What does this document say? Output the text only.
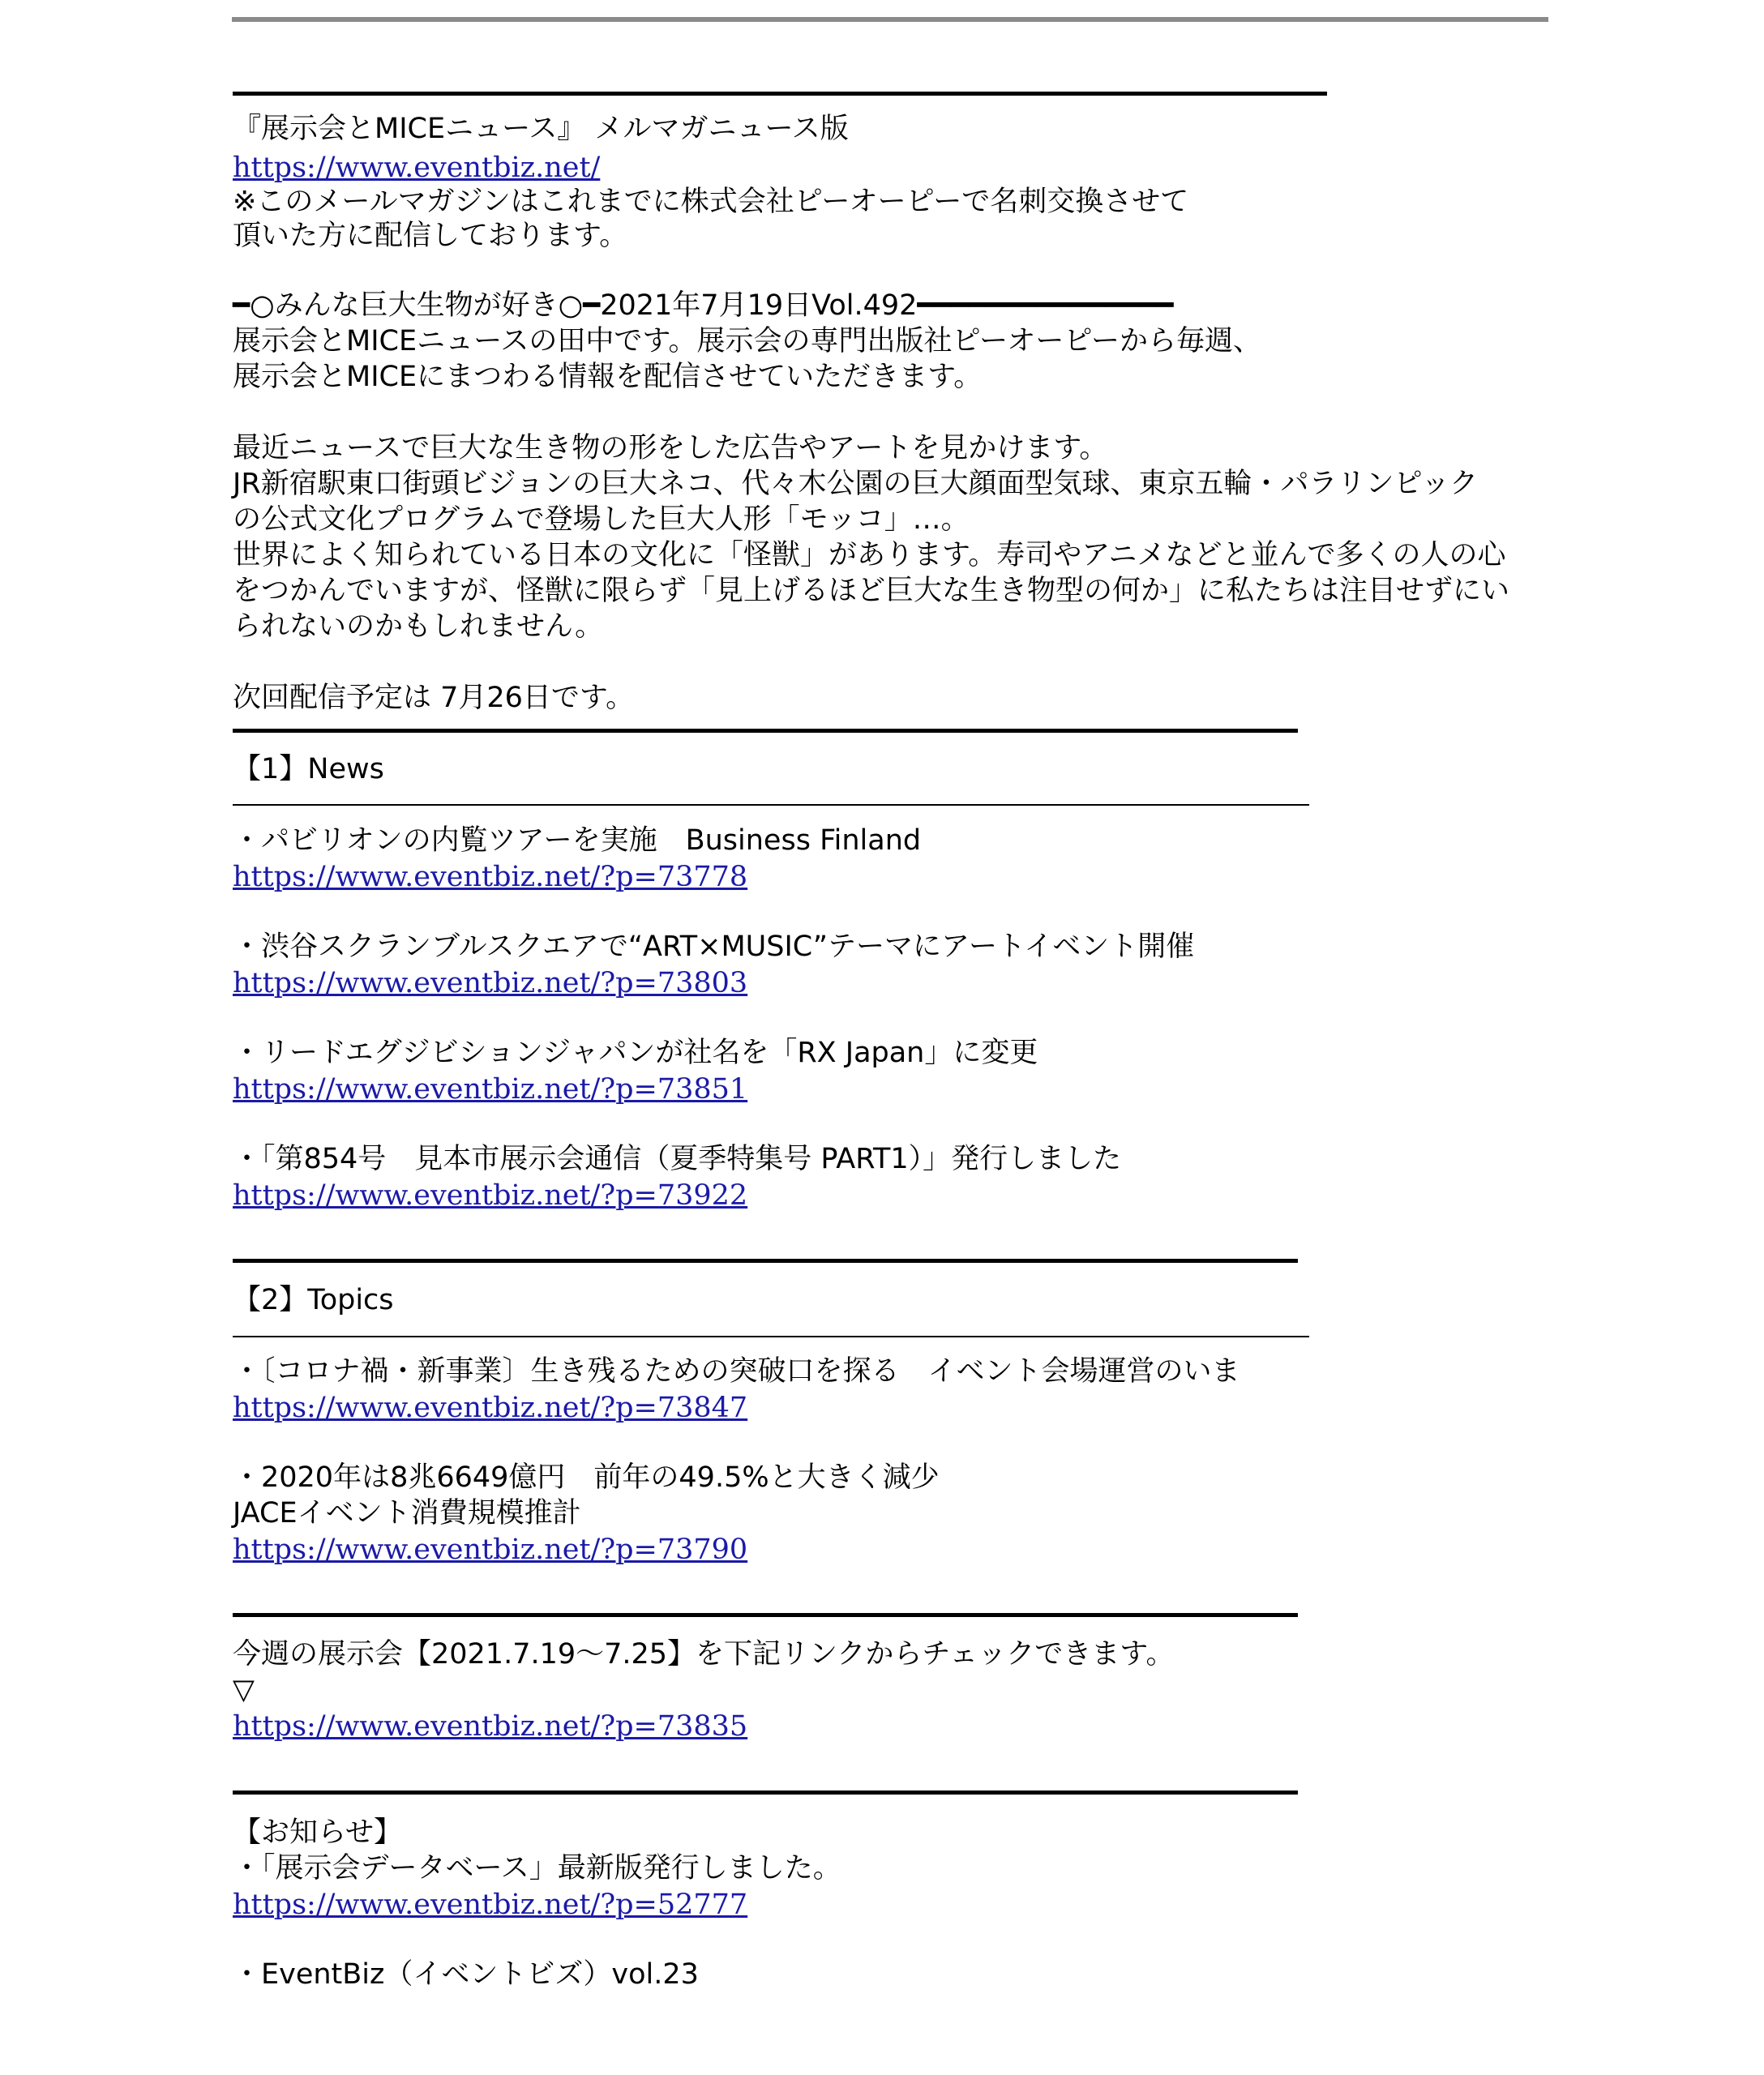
『展示会とMICEニュース』 メルマガニュース版
https://www.eventbiz.net/
※このメールマガジンはこれまでに株式会社ピーオーピーで名刺交換させて
頂いた方に配信しております。
━○みんな巨大生物が好き○━2021年7月19日Vol.492━━━━━━━━━━━━━━━
展示会とMICEニュースの田中です。展示会の専門出版社ピーオーピーから毎週、
展示会とMICEにまつわる情報を配信させていただきます。
最近ニュースで巨大な生き物の形をした広告やアートを見かけます。
JR新宿駅東口街頭ビジョンの巨大ネコ、代々木公園の巨大顔面型気球、東京五輪・パラリンピック
の公式文化プログラムで登場した巨大人形「モッコ」…。
世界によく知られている日本の文化に「怪獣」があります。寿司やアニメなどと並んで多くの人の心
をつかんでいますが、怪獣に限らず「見上げるほど巨大な生き物型の何か」に私たちは注目せずにい
られないのかもしれません。
次回配信予定は 7月26日です。
【1】News
・パビリオンの内覧ツアーを実施　Business Finland
https://www.eventbiz.net/?p=73778
・渋谷スクランブルスクエアで“ART×MUSIC”テーマにアートイベント開催
https://www.eventbiz.net/?p=73803
・リードエグジビションジャパンが社名を「RX Japan」に変更
https://www.eventbiz.net/?p=73851
・「第854号　見本市展示会通信（夏季特集号 PART1）」発行しました
https://www.eventbiz.net/?p=73922
【2】Topics
・〔コロナ禍・新事業〕生き残るための突破口を探る　イベント会場運営のいま
https://www.eventbiz.net/?p=73847
・2020年は8兆6649億円　前年の49.5%と大きく減少
JACEイベント消費規模推計
https://www.eventbiz.net/?p=73790
今週の展示会【2021.7.19〜7.25】を下記リンクからチェックできます。
▽
https://www.eventbiz.net/?p=73835
【お知らせ】
・「展示会データベース」最新版発行しました。
https://www.eventbiz.net/?p=52777
・EventBiz（イベントビズ）vol.23
